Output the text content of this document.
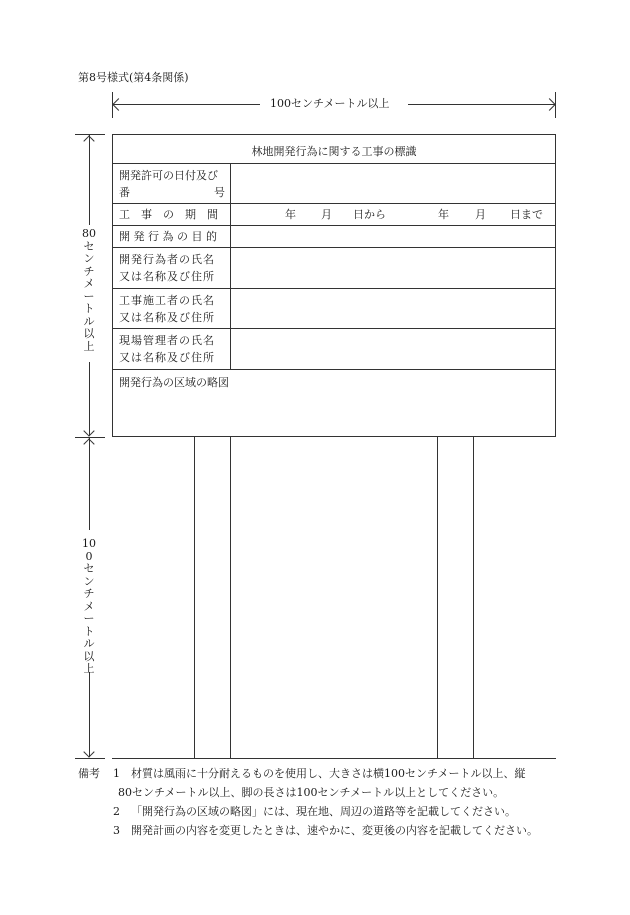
第8号様式(第4条関係)
100センチメートル以上
80センチメートル以上
100センチメートル以上
林地開発行為に関する工事の標識
開発許可の日付及び
番	号
工　事　の　期　間	年 月 日から	年 月 日まで
開 発 行 為 の 目 的
開発行為者の氏名
又は名称及び住所
工事施工者の氏名
又は名称及び住所
現場管理者の氏名
又は名称及び住所
開発行為の区域の略図
備考 1 材質は風雨に十分耐えるものを使用し、大きさは横100センチメートル以上、縦
80センチメートル以上、脚の長さは100センチメートル以上としてください。
2 「開発行為の区域の略図」には、現在地、周辺の道路等を記載してください。
3 開発計画の内容を変更したときは、速やかに、変更後の内容を記載してください。
